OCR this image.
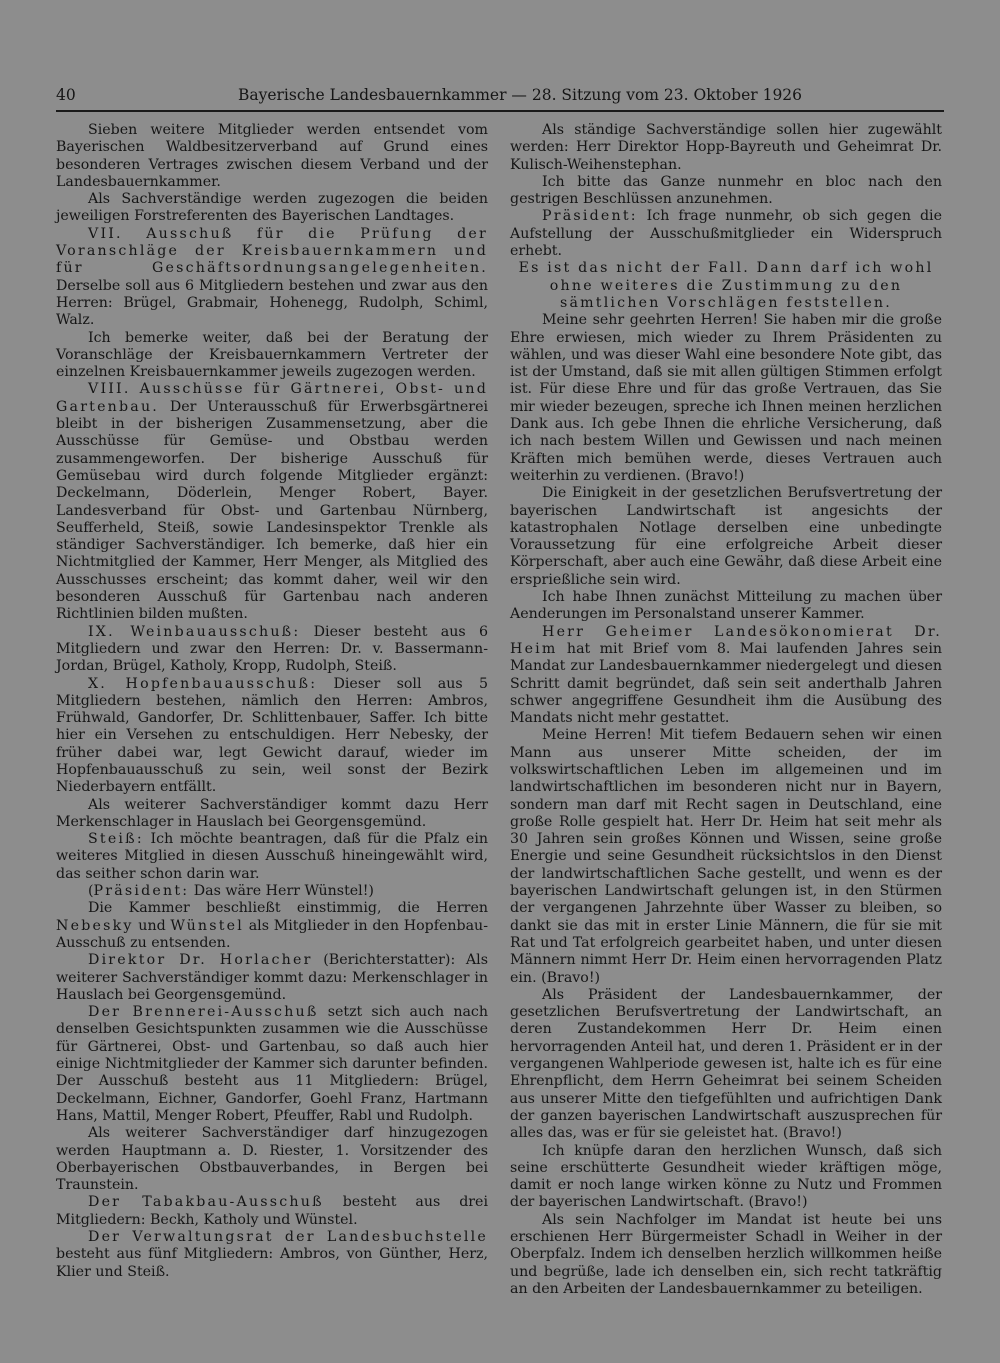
40	Bayerische Landesbauernkammer — 28. Sitzung vom 23. Oktober 1926

Sieben weitere Mitglieder werden entsendet vom Bayerischen Waldbesitzerverband auf Grund eines besonderen Vertrages zwischen diesem Verband und der Landesbauernkammer.

Als Sachverständige werden zugezogen die beiden jeweiligen Forstreferenten des Bayerischen Landtages.

VII. Ausschuß für die Prüfung der Voranschläge der Kreisbauernkammern und für Geschäftsordnungsangelegenheiten. Derselbe soll aus 6 Mitgliedern bestehen und zwar aus den Herren: Brügel, Grabmair, Hohenegg, Rudolph, Schiml, Walz.

Ich bemerke weiter, daß bei der Beratung der Voranschläge der Kreisbauernkammern Vertreter der einzelnen Kreisbauernkammer jeweils zugezogen werden.

VIII. Ausschüsse für Gärtnerei, Obst- und Gartenbau. Der Unterausschuß für Erwerbsgärtnerei bleibt in der bisherigen Zusammensetzung, aber die Ausschüsse für Gemüse- und Obstbau werden zusammengeworfen. Der bisherige Ausschuß für Gemüsebau wird durch folgende Mitglieder ergänzt: Deckelmann, Döderlein, Menger Robert, Bayer. Landesverband für Obst- und Gartenbau Nürnberg, Seufferheld, Steiß, sowie Landesinspektor Trenkle als ständiger Sachverständiger. Ich bemerke, daß hier ein Nichtmitglied der Kammer, Herr Menger, als Mitglied des Ausschusses erscheint; das kommt daher, weil wir den besonderen Ausschuß für Gartenbau nach anderen Richtlinien bilden mußten.

IX. Weinbauausschuß: Dieser besteht aus 6 Mitgliedern und zwar den Herren: Dr. v. Bassermann-Jordan, Brügel, Katholy, Kropp, Rudolph, Steiß.

X. Hopfenbauausschuß: Dieser soll aus 5 Mitgliedern bestehen, nämlich den Herren: Ambros, Frühwald, Gandorfer, Dr. Schlittenbauer, Saffer. Ich bitte hier ein Versehen zu entschuldigen. Herr Nebesky, der früher dabei war, legt Gewicht darauf, wieder im Hopfenbauausschuß zu sein, weil sonst der Bezirk Niederbayern entfällt.

Als weiterer Sachverständiger kommt dazu Herr Merkenschlager in Hauslach bei Georgensgemünd.

Steiß: Ich möchte beantragen, daß für die Pfalz ein weiteres Mitglied in diesen Ausschuß hineingewählt wird, das seither schon darin war.

(Präsident: Das wäre Herr Wünstel!)

Die Kammer beschließt einstimmig, die Herren Nebesky und Wünstel als Mitglieder in den Hopfenbau-Ausschuß zu entsenden.

Direktor Dr. Horlacher (Berichterstatter): Als weiterer Sachverständiger kommt dazu: Merkenschlager in Hauslach bei Georgensgemünd.

Der Brennerei-Ausschuß setzt sich auch nach denselben Gesichtspunkten zusammen wie die Ausschüsse für Gärtnerei, Obst- und Gartenbau, so daß auch hier einige Nichtmitglieder der Kammer sich darunter befinden. Der Ausschuß besteht aus 11 Mitgliedern: Brügel, Deckelmann, Eichner, Gandorfer, Goehl Franz, Hartmann Hans, Mattil, Menger Robert, Pfeuffer, Rabl und Rudolph.

Als weiterer Sachverständiger darf hinzugezogen werden Hauptmann a. D. Riester, 1. Vorsitzender des Oberbayerischen Obstbauverbandes, in Bergen bei Traunstein.

Der Tabakbau-Ausschuß besteht aus drei Mitgliedern: Beckh, Katholy und Wünstel.

Der Verwaltungsrat der Landesbuchstelle besteht aus fünf Mitgliedern: Ambros, von Günther, Herz, Klier und Steiß.

Als ständige Sachverständige sollen hier zugewählt werden: Herr Direktor Hopp-Bayreuth und Geheimrat Dr. Kulisch-Weihenstephan.

Ich bitte das Ganze nunmehr en bloc nach den gestrigen Beschlüssen anzunehmen.

Präsident: Ich frage nunmehr, ob sich gegen die Aufstellung der Ausschußmitglieder ein Widerspruch erhebt.

Es ist das nicht der Fall. Dann darf ich wohl ohne weiteres die Zustimmung zu den sämtlichen Vorschlägen feststellen.

Meine sehr geehrten Herren! Sie haben mir die große Ehre erwiesen, mich wieder zu Ihrem Präsidenten zu wählen, und was dieser Wahl eine besondere Note gibt, das ist der Umstand, daß sie mit allen gültigen Stimmen erfolgt ist. Für diese Ehre und für das große Vertrauen, das Sie mir wieder bezeugen, spreche ich Ihnen meinen herzlichen Dank aus. Ich gebe Ihnen die ehrliche Versicherung, daß ich nach bestem Willen und Gewissen und nach meinen Kräften mich bemühen werde, dieses Vertrauen auch weiterhin zu verdienen. (Bravo!)

Die Einigkeit in der gesetzlichen Berufsvertretung der bayerischen Landwirtschaft ist angesichts der katastrophalen Notlage derselben eine unbedingte Voraussetzung für eine erfolgreiche Arbeit dieser Körperschaft, aber auch eine Gewähr, daß diese Arbeit eine ersprießliche sein wird.

Ich habe Ihnen zunächst Mitteilung zu machen über Aenderungen im Personalstand unserer Kammer.

Herr Geheimer Landesökonomierat Dr. Heim hat mit Brief vom 8. Mai laufenden Jahres sein Mandat zur Landesbauernkammer niedergelegt und diesen Schritt damit begründet, daß sein seit anderthalb Jahren schwer angegriffene Gesundheit ihm die Ausübung des Mandats nicht mehr gestattet.

Meine Herren! Mit tiefem Bedauern sehen wir einen Mann aus unserer Mitte scheiden, der im volkswirtschaftlichen Leben im allgemeinen und im landwirtschaftlichen im besonderen nicht nur in Bayern, sondern man darf mit Recht sagen in Deutschland, eine große Rolle gespielt hat. Herr Dr. Heim hat seit mehr als 30 Jahren sein großes Können und Wissen, seine große Energie und seine Gesundheit rücksichtslos in den Dienst der landwirtschaftlichen Sache gestellt, und wenn es der bayerischen Landwirtschaft gelungen ist, in den Stürmen der vergangenen Jahrzehnte über Wasser zu bleiben, so dankt sie das mit in erster Linie Männern, die für sie mit Rat und Tat erfolgreich gearbeitet haben, und unter diesen Männern nimmt Herr Dr. Heim einen hervorragenden Platz ein. (Bravo!)

Als Präsident der Landesbauernkammer, der gesetzlichen Berufsvertretung der Landwirtschaft, an deren Zustandekommen Herr Dr. Heim einen hervorragenden Anteil hat, und deren 1. Präsident er in der vergangenen Wahlperiode gewesen ist, halte ich es für eine Ehrenpflicht, dem Herrn Geheimrat bei seinem Scheiden aus unserer Mitte den tiefgefühlten und aufrichtigen Dank der ganzen bayerischen Landwirtschaft auszusprechen für alles das, was er für sie geleistet hat. (Bravo!)

Ich knüpfe daran den herzlichen Wunsch, daß sich seine erschütterte Gesundheit wieder kräftigen möge, damit er noch lange wirken könne zu Nutz und Frommen der bayerischen Landwirtschaft. (Bravo!)

Als sein Nachfolger im Mandat ist heute bei uns erschienen Herr Bürgermeister Schadl in Weiher in der Oberpfalz. Indem ich denselben herzlich willkommen heiße und begrüße, lade ich denselben ein, sich recht tatkräftig an den Arbeiten der Landesbauernkammer zu beteiligen.
